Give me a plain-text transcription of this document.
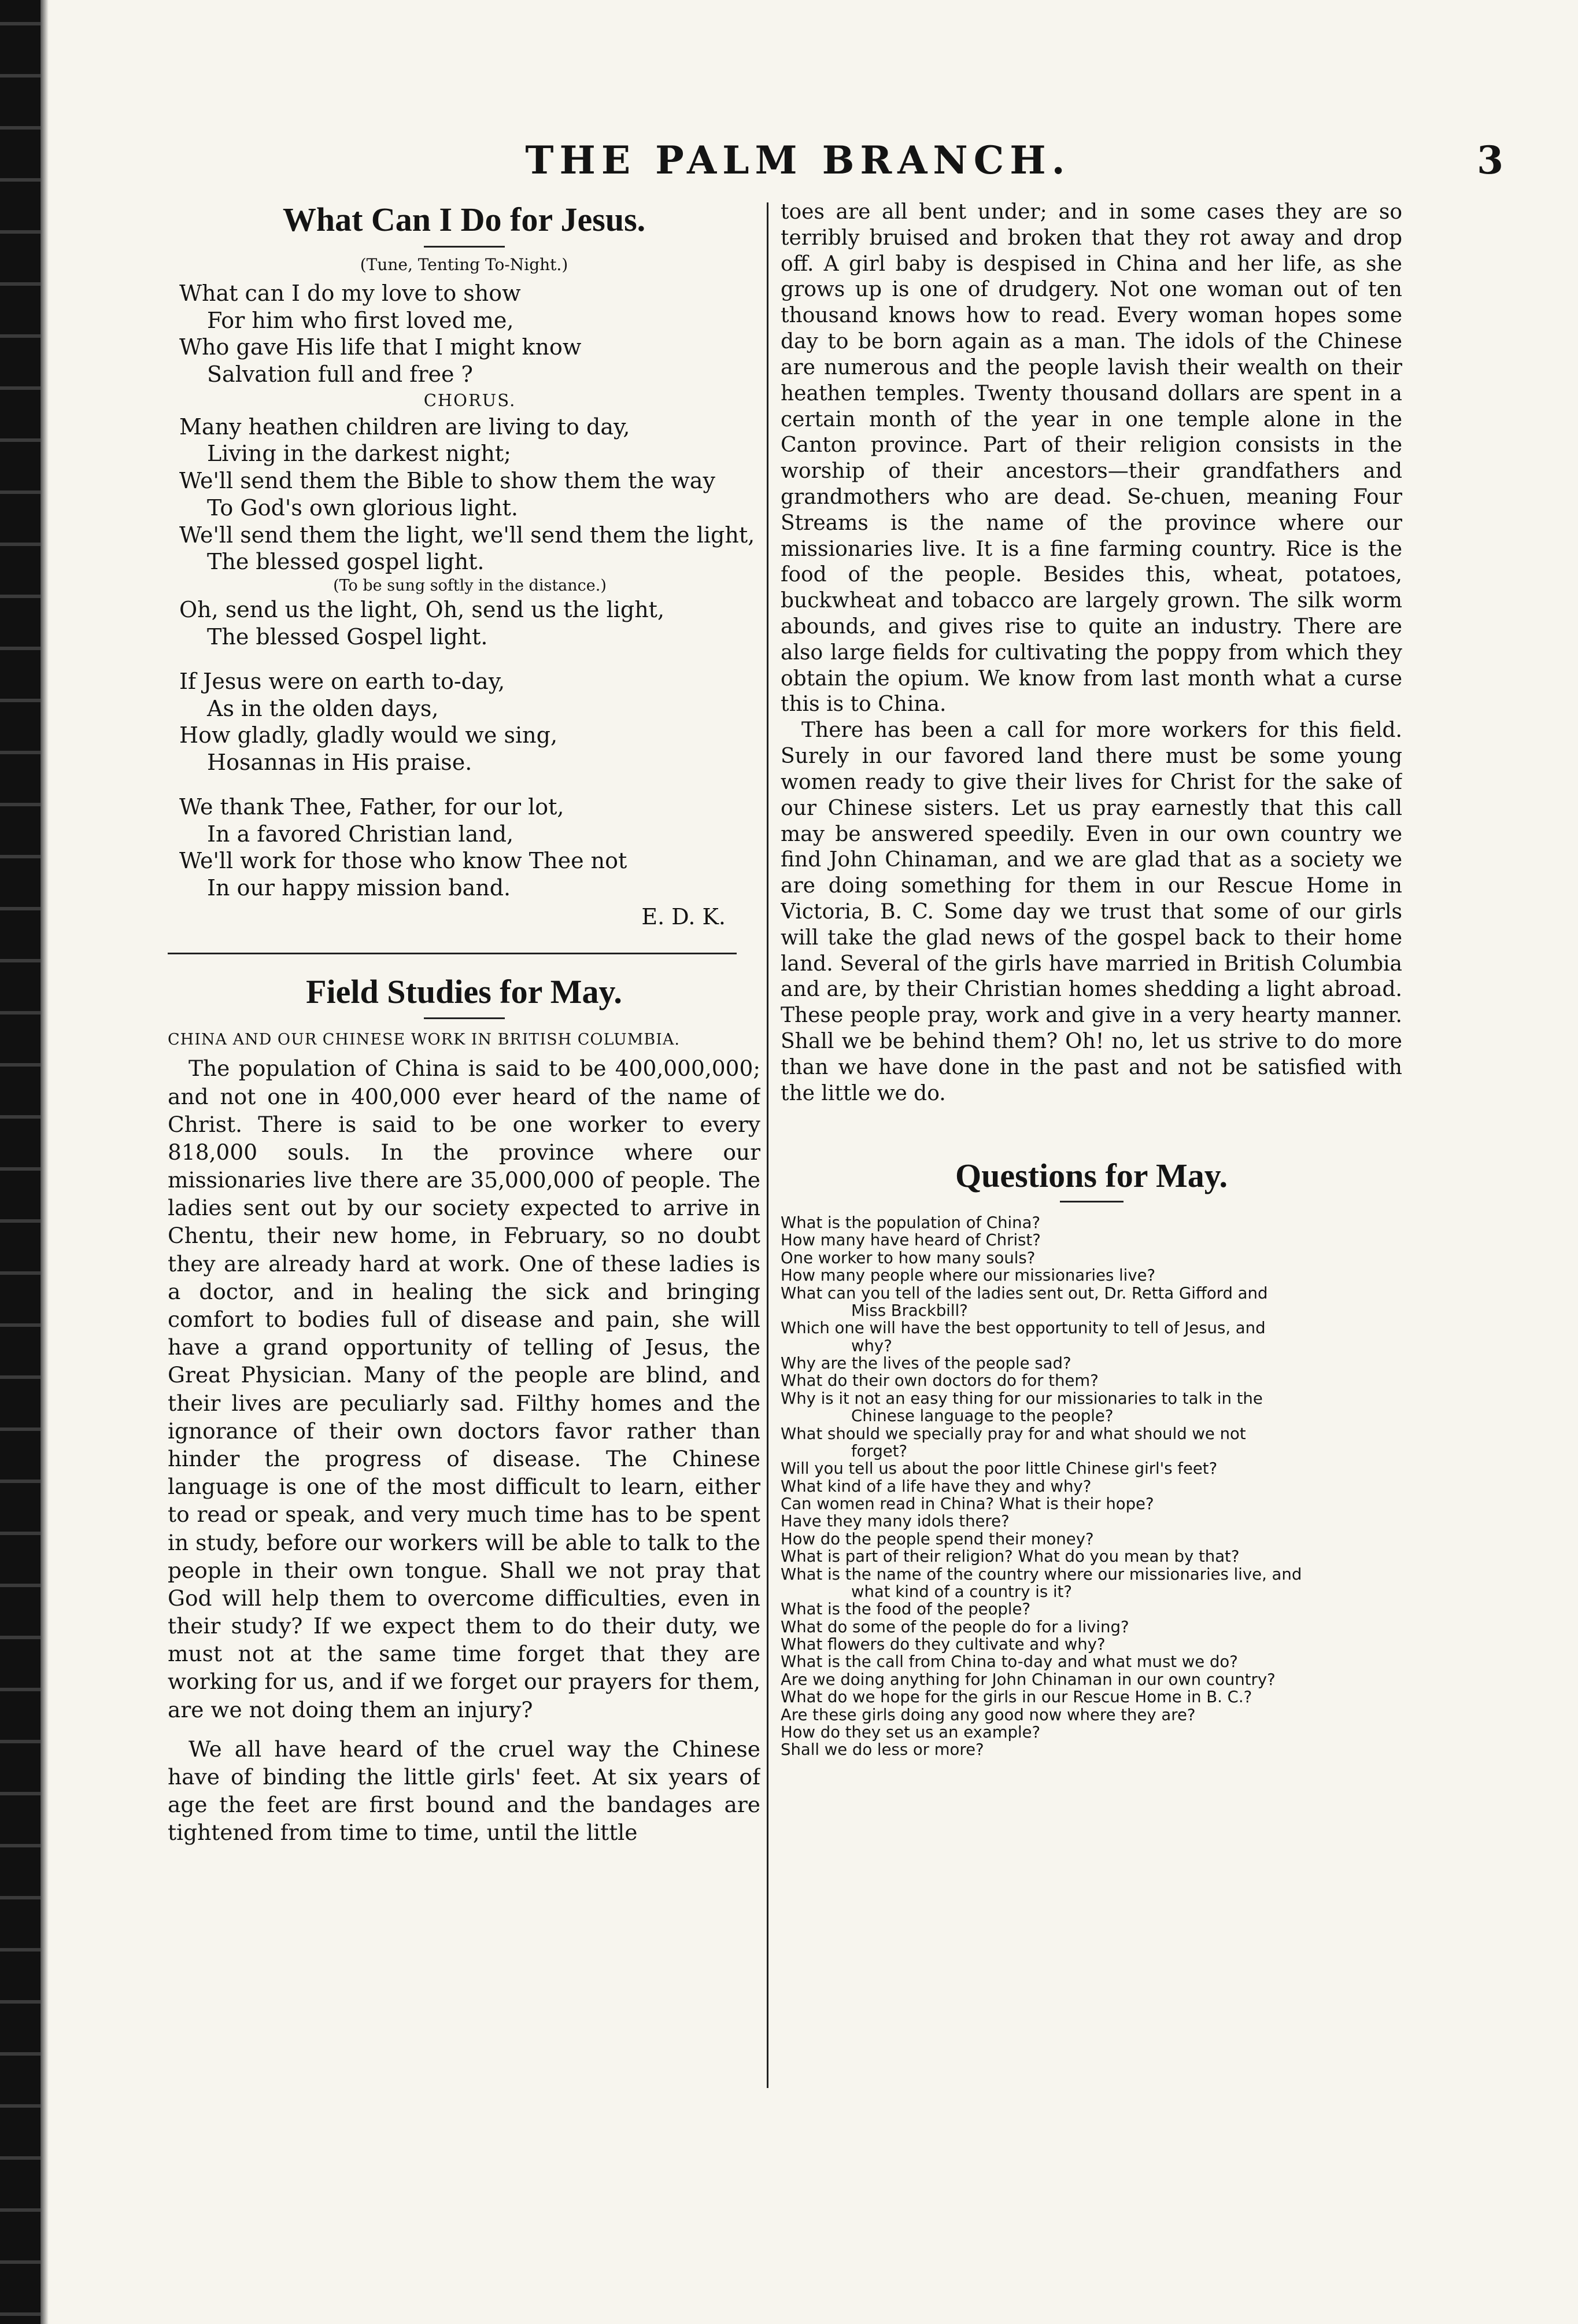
THE PALM BRANCH.	3
What Can I Do for Jesus.
(Tune, Tenting To-Night.)
What can I do my love to show
For him who first loved me,
Who gave His life that I might know
Salvation full and free ?
CHORUS.
Many heathen children are living to day,
Living in the darkest night;
We'll send them the Bible to show them the way
To God's own glorious light.
We'll send them the light, we'll send them the light,
The blessed gospel light.
(To be sung softly in the distance.)
Oh, send us the light, Oh, send us the light,
The blessed Gospel light.
If Jesus were on earth to-day,
As in the olden days,
How gladly, gladly would we sing,
Hosannas in His praise.
We thank Thee, Father, for our lot,
In a favored Christian land,
We'll work for those who know Thee not
In our happy mission band.
E. D. K.
Field Studies for May.
CHINA AND OUR CHINESE WORK IN BRITISH COLUMBIA.

The population of China is said to be 400,000,000; and not one in 400,000 ever heard of the name of Christ. There is said to be one worker to every 818,000 souls. In the province where our missionaries live there are 35,000,000 of people. The ladies sent out by our society expected to arrive in Chentu, their new home, in February, so no doubt they are already hard at work. One of these ladies is a doctor, and in healing the sick and bringing comfort to bodies full of disease and pain, she will have a grand opportunity of telling of Jesus, the Great Physician. Many of the people are blind, and their lives are peculiarly sad. Filthy homes and the ignorance of their own doctors favor rather than hinder the progress of disease. The Chinese language is one of the most difficult to learn, either to read or speak, and very much time has to be spent in study, before our workers will be able to talk to the people in their own tongue. Shall we not pray that God will help them to overcome difficulties, even in their study? If we expect them to do their duty, we must not at the same time forget that they are working for us, and if we forget our prayers for them, are we not doing them an injury?

We all have heard of the cruel way the Chinese have of binding the little girls' feet. At six years of age the feet are first bound and the bandages are tightened from time to time, until the little

toes are all bent under; and in some cases they are so terribly bruised and broken that they rot away and drop off. A girl baby is despised in China and her life, as she grows up is one of drudgery. Not one woman out of ten thousand knows how to read. Every woman hopes some day to be born again as a man. The idols of the Chinese are numerous and the people lavish their wealth on their heathen temples. Twenty thousand dollars are spent in a certain month of the year in one temple alone in the Canton province. Part of their religion consists in the worship of their ancestors—their grandfathers and grandmothers who are dead. Se-chuen, meaning Four Streams is the name of the province where our missionaries live. It is a fine farming country. Rice is the food of the people. Besides this, wheat, potatoes, buckwheat and tobacco are largely grown. The silk worm abounds, and gives rise to quite an industry. There are also large fields for cultivating the poppy from which they obtain the opium. We know from last month what a curse this is to China.

There has been a call for more workers for this field. Surely in our favored land there must be some young women ready to give their lives for Christ for the sake of our Chinese sisters. Let us pray earnestly that this call may be answered speedily. Even in our own country we find John Chinaman, and we are glad that as a society we are doing something for them in our Rescue Home in Victoria, B. C. Some day we trust that some of our girls will take the glad news of the gospel back to their home land. Several of the girls have married in British Columbia and are, by their Christian homes shedding a light abroad. These people pray, work and give in a very hearty manner. Shall we be behind them? Oh! no, let us strive to do more than we have done in the past and not be satisfied with the little we do.

Questions for May.
What is the population of China?
How many have heard of Christ?
One worker to how many souls?
How many people where our missionaries live?
What can you tell of the ladies sent out, Dr. Retta Gifford and
Miss Brackbill?
Which one will have the best opportunity to tell of Jesus, and
why?
Why are the lives of the people sad?
What do their own doctors do for them?
Why is it not an easy thing for our missionaries to talk in the
Chinese language to the people?
What should we specially pray for and what should we not
forget?
Will you tell us about the poor little Chinese girl's feet?
What kind of a life have they and why?
Can women read in China? What is their hope?
Have they many idols there?
How do the people spend their money?
What is part of their religion? What do you mean by that?
What is the name of the country where our missionaries live, and
what kind of a country is it?
What is the food of the people?
What do some of the people do for a living?
What flowers do they cultivate and why?
What is the call from China to-day and what must we do?
Are we doing anything for John Chinaman in our own country?
What do we hope for the girls in our Rescue Home in B. C.?
Are these girls doing any good now where they are?
How do they set us an example?
Shall we do less or more?
